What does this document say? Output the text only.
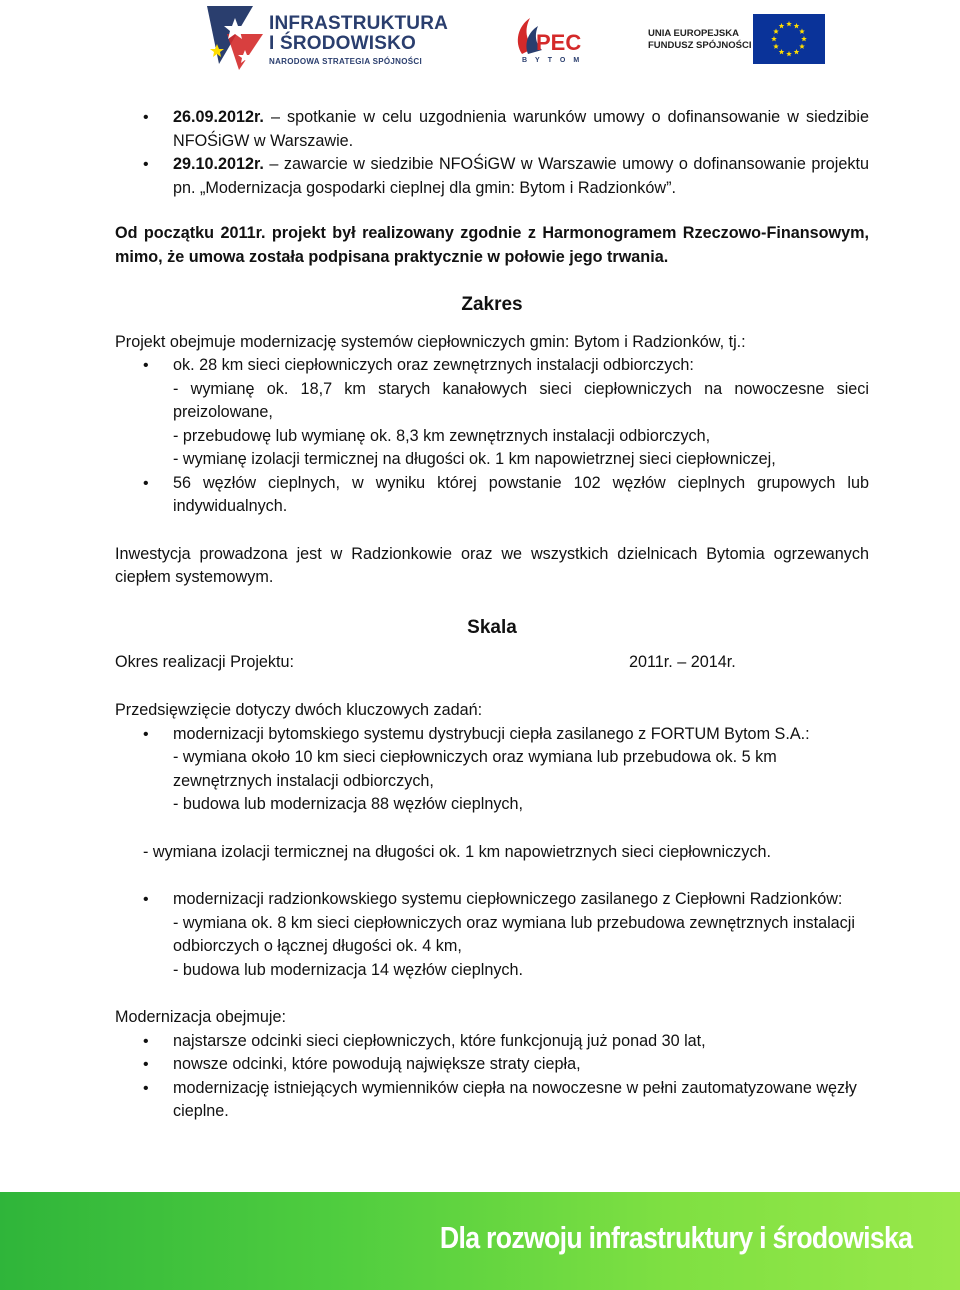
INFRASTRUKTURA
I ŚRODOWISKO
NARODOWA STRATEGIA SPÓJNOŚCI
PEC
BYTOM
UNIA EUROPEJSKA
FUNDUSZ SPÓJNOŚCI
• 26.09.2012r. – spotkanie w celu uzgodnienia warunków umowy o dofinansowanie w siedzibie NFOŚiGW w Warszawie.
• 29.10.2012r. – zawarcie w siedzibie NFOŚiGW w Warszawie umowy o dofinansowanie projektu pn. „Modernizacja gospodarki cieplnej dla gmin: Bytom i Radzionków”.

Od początku 2011r. projekt był realizowany zgodnie z Harmonogramem Rzeczowo-Finansowym, mimo, że umowa została podpisana praktycznie w połowie jego trwania.

Zakres

Projekt obejmuje modernizację systemów ciepłowniczych gmin: Bytom i Radzionków, tj.:

• ok. 28 km sieci ciepłowniczych oraz zewnętrznych instalacji odbiorczych:
- wymianę ok. 18,7 km starych kanałowych sieci ciepłowniczych na nowoczesne sieci preizolowane,
- przebudowę lub wymianę ok. 8,3 km zewnętrznych instalacji odbiorczych,
- wymianę izolacji termicznej na długości ok. 1 km napowietrznej sieci ciepłowniczej,
• 56 węzłów cieplnych, w wyniku której powstanie 102 węzłów cieplnych grupowych lub indywidualnych.

Inwestycja prowadzona jest w Radzionkowie oraz we wszystkich dzielnicach Bytomia ogrzewanych ciepłem systemowym.

Skala
Okres realizacji Projektu:	2011r. – 2014r.

Przedsięwzięcie dotyczy dwóch kluczowych zadań:

• modernizacji bytomskiego systemu dystrybucji ciepła zasilanego z FORTUM Bytom S.A.:
- wymiana około 10 km sieci ciepłowniczych oraz wymiana lub przebudowa ok. 5 km zewnętrznych instalacji odbiorczych,
- budowa lub modernizacja 88 węzłów cieplnych,

- wymiana izolacji termicznej na długości ok. 1 km napowietrznych sieci ciepłowniczych.

• modernizacji radzionkowskiego systemu ciepłowniczego zasilanego z Ciepłowni Radzionków:
- wymiana ok. 8 km sieci ciepłowniczych oraz wymiana lub przebudowa zewnętrznych instalacji odbiorczych o łącznej długości ok. 4 km,
- budowa lub modernizacja 14 węzłów cieplnych.

Modernizacja obejmuje:

• najstarsze odcinki sieci ciepłowniczych, które funkcjonują już ponad 30 lat,
• nowsze odcinki, które powodują największe straty ciepła,
• modernizację istniejących wymienników ciepła na nowoczesne w pełni zautomatyzowane węzły cieplne.
Dla rozwoju infrastruktury i środowiska
